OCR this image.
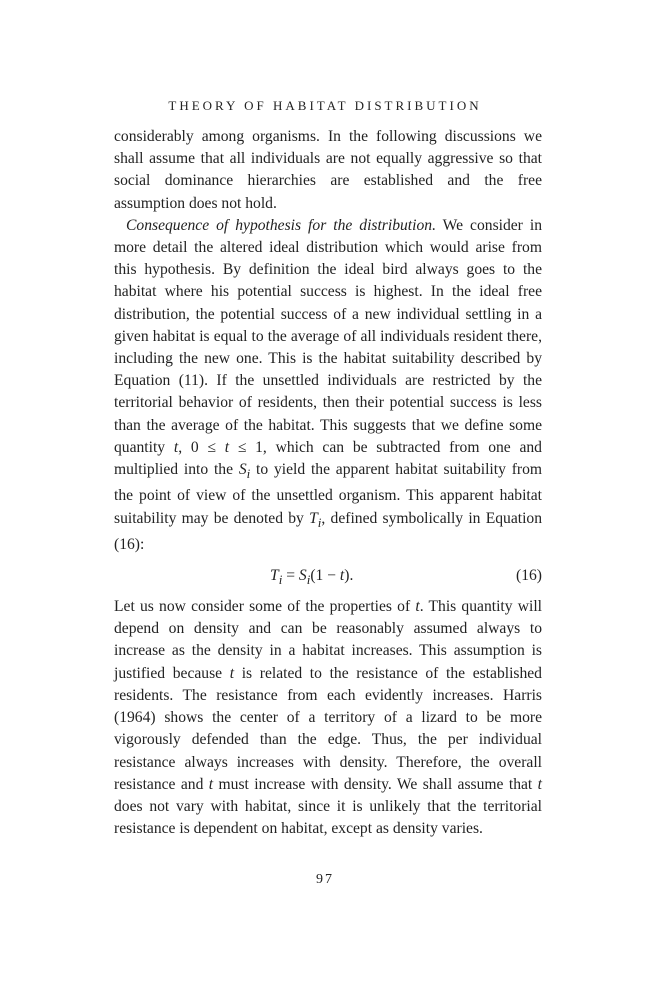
THEORY OF HABITAT DISTRIBUTION

considerably among organisms. In the following discussions we shall assume that all individuals are not equally aggressive so that social dominance hierarchies are established and the free assumption does not hold.

Consequence of hypothesis for the distribution. We consider in more detail the altered ideal distribution which would arise from this hypothesis. By definition the ideal bird always goes to the habitat where his potential success is highest. In the ideal free distribution, the potential success of a new individual settling in a given habitat is equal to the average of all individuals resident there, including the new one. This is the habitat suitability described by Equation (11). If the unsettled individuals are restricted by the territorial behavior of residents, then their potential success is less than the average of the habitat. This suggests that we define some quantity t, 0 ≤ t ≤ 1, which can be subtracted from one and multiplied into the $S_i$ to yield the apparent habitat suitability from the point of view of the unsettled organism. This apparent habitat suitability may be denoted by $T_i$, defined symbolically in Equation (16):

$T_i = S_i(1 - t)$.	(16)

Let us now consider some of the properties of t. This quantity will depend on density and can be reasonably assumed always to increase as the density in a habitat increases. This assumption is justified because t is related to the resistance of the established residents. The resistance from each evidently increases. Harris (1964) shows the center of a territory of a lizard to be more vigorously defended than the edge. Thus, the per individual resistance always increases with density. Therefore, the overall resistance and t must increase with density. We shall assume that t does not vary with habitat, since it is unlikely that the territorial resistance is dependent on habitat, except as density varies.

97
